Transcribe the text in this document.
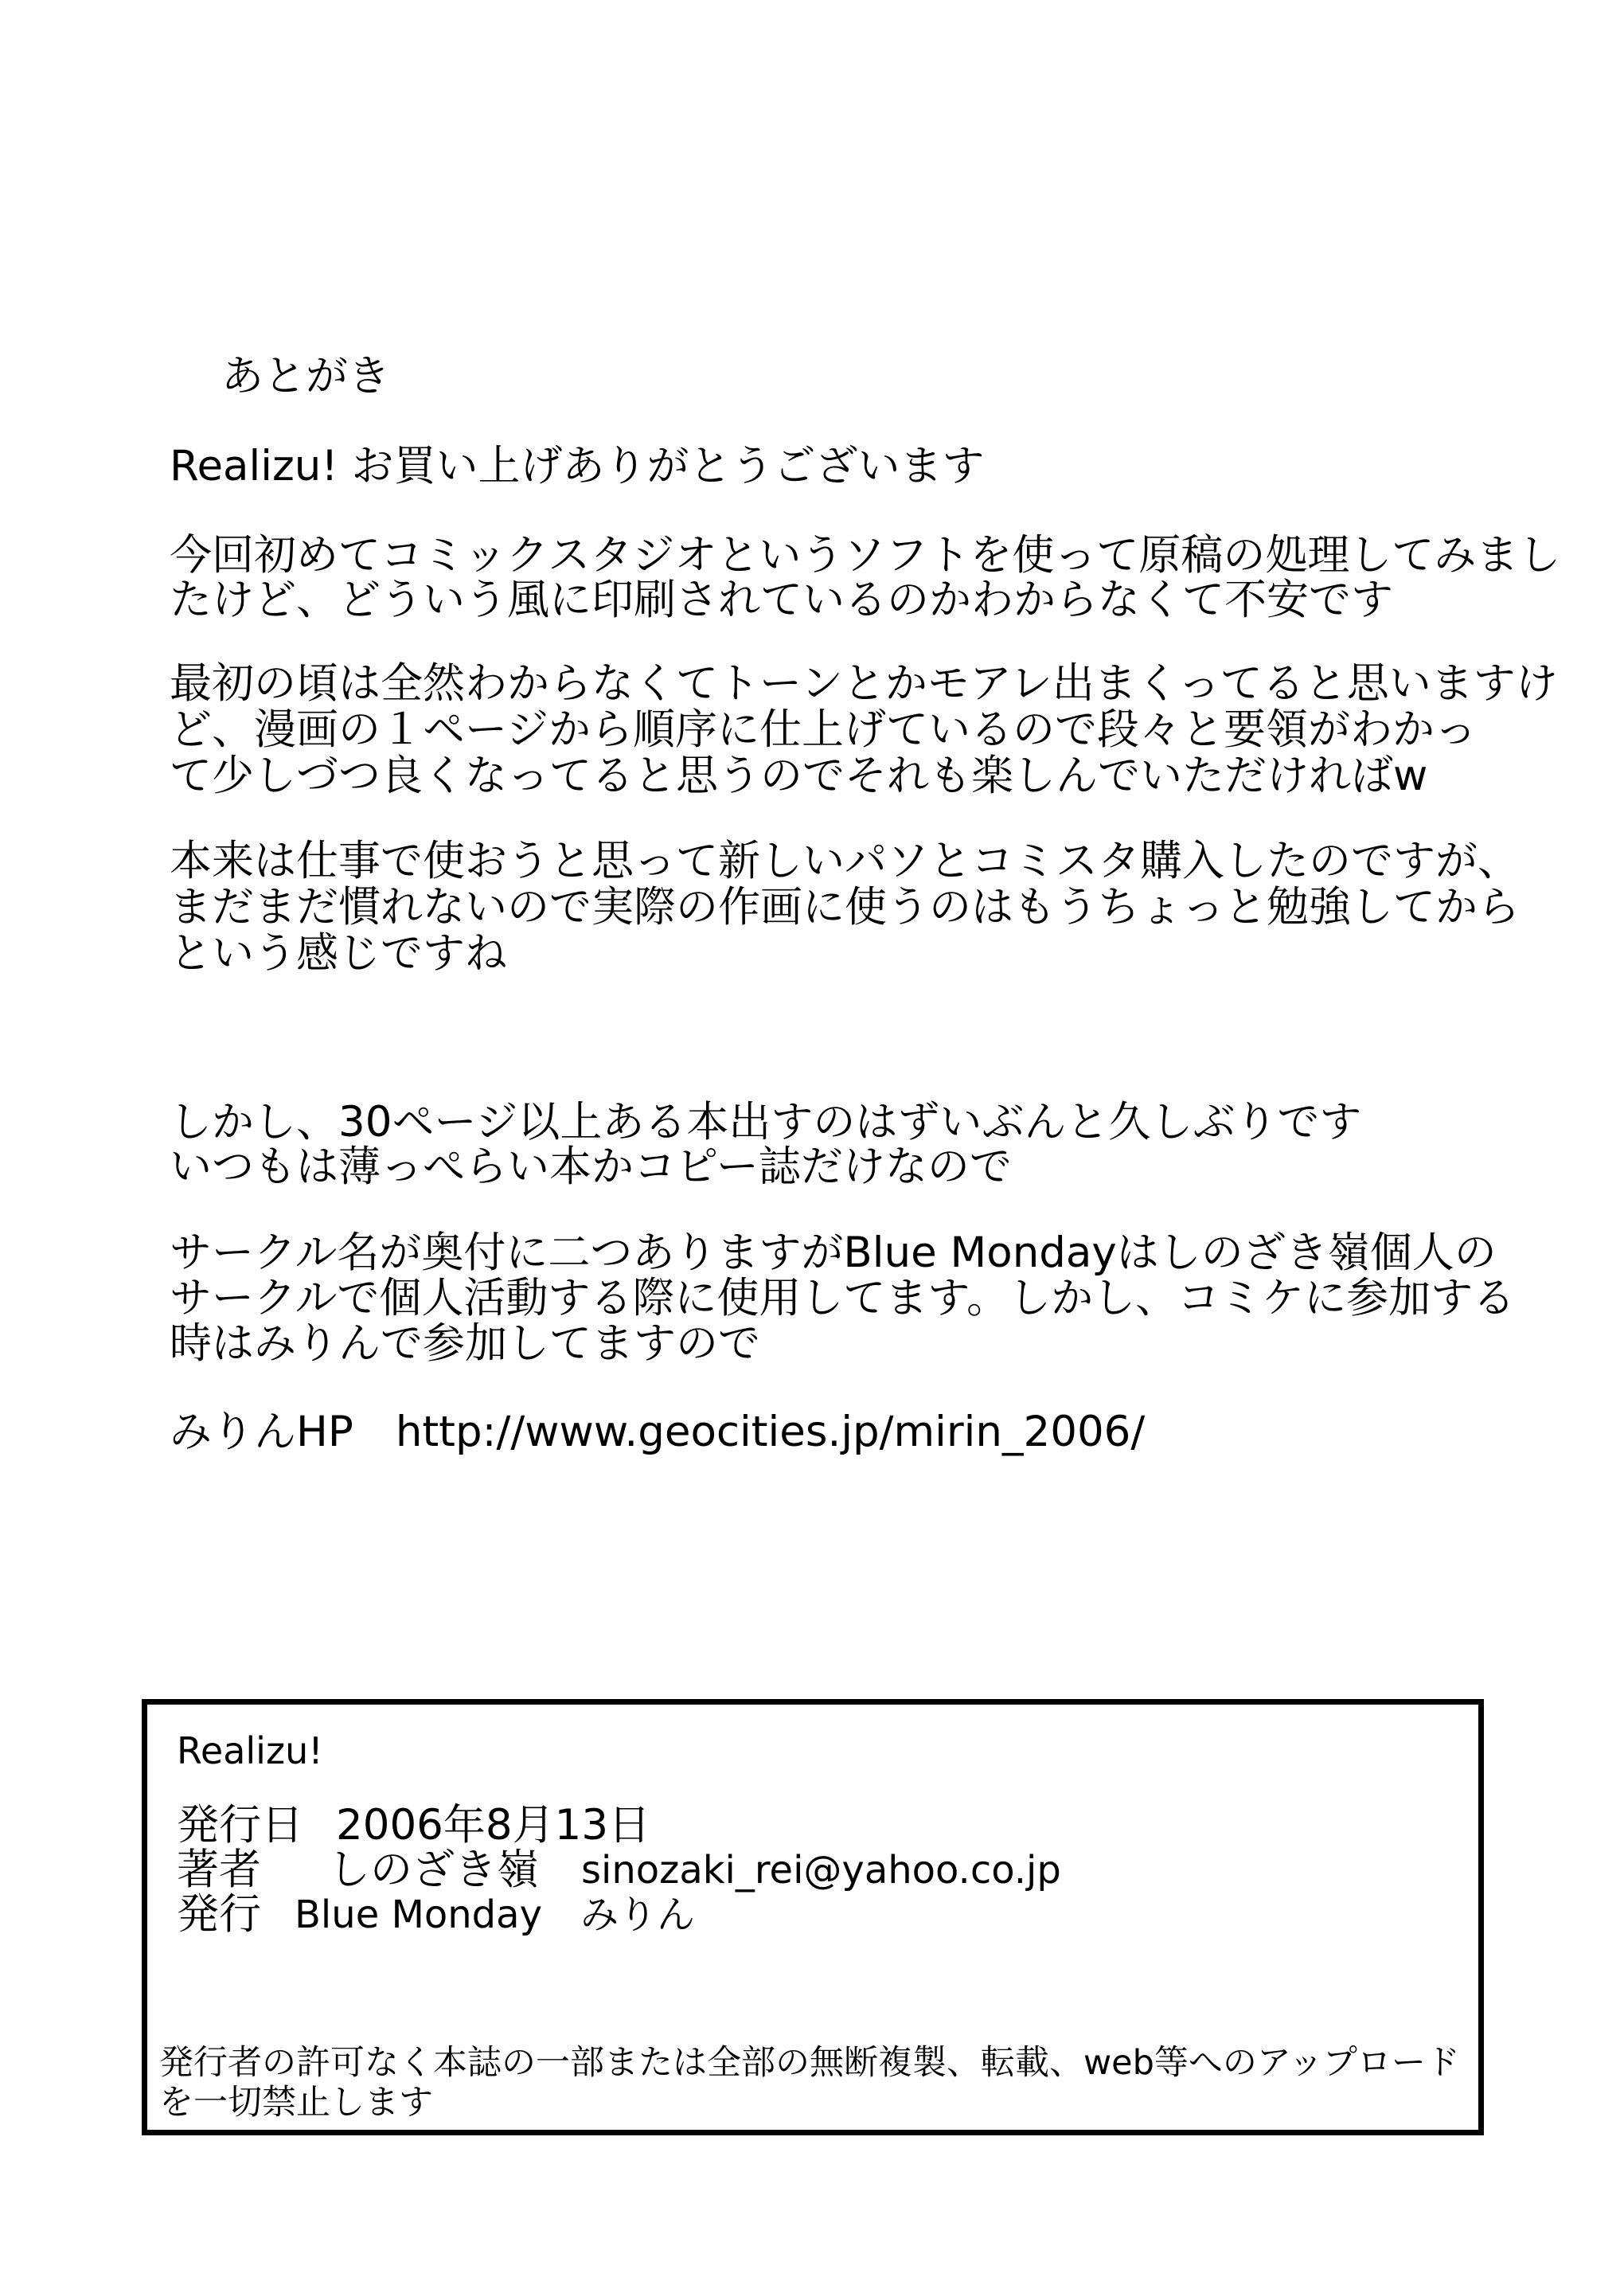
あとがき
Realizu! お買い上げありがとうございます
今回初めてコミックスタジオというソフトを使って原稿の処理してみまし
たけど、どういう風に印刷されているのかわからなくて不安です
最初の頃は全然わからなくてトーンとかモアレ出まくってると思いますけ
ど、漫画の１ページから順序に仕上げているので段々と要領がわかっ
て少しづつ良くなってると思うのでそれも楽しんでいただければw
本来は仕事で使おうと思って新しいパソとコミスタ購入したのですが、
まだまだ慣れないので実際の作画に使うのはもうちょっと勉強してから
という感じですね
しかし、30ページ以上ある本出すのはずいぶんと久しぶりです
いつもは薄っぺらい本かコピー誌だけなので
サークル名が奥付に二つありますがBlue Mondayはしのざき嶺個人の
サークルで個人活動する際に使用してます。しかし、コミケに参加する
時はみりんで参加してますので
みりんHP　http://www.geocities.jp/mirin_2006/
Realizu!
発行日 2006年8月13日
著者 しのざき嶺 sinozaki_rei@yahoo.co.jp
発行 Blue Monday　みりん
発行者の許可なく本誌の一部または全部の無断複製、転載、web等へのアップロード
を一切禁止します
